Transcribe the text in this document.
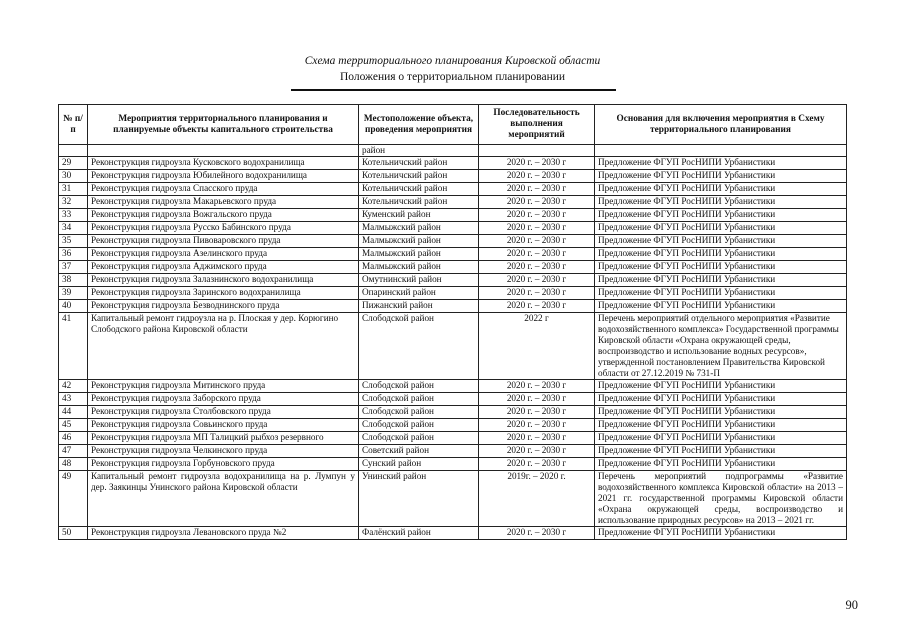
Схема территориального планирования Кировской области
Положения о территориальном планировании
№ п/п	Мероприятия территориального планирования и планируемые объекты капитального строительства	Местоположение объекта, проведения мероприятия	Последовательность выполнения мероприятий	Основания для включения мероприятия в Схему территориального планирования
		район		
29	Реконструкция гидроузла Кусковского водохранилища	Котельничский район	2020 г. – 2030 г	Предложение ФГУП РосНИПИ Урбанистики
30	Реконструкция гидроузла Юбилейного водохранилища	Котельничский район	2020 г. – 2030 г	Предложение ФГУП РосНИПИ Урбанистики
31	Реконструкция гидроузла Спасского пруда	Котельничский район	2020 г. – 2030 г	Предложение ФГУП РосНИПИ Урбанистики
32	Реконструкция гидроузла Макарьевского пруда	Котельничский район	2020 г. – 2030 г	Предложение ФГУП РосНИПИ Урбанистики
33	Реконструкция гидроузла Вожгальского пруда	Куменский район	2020 г. – 2030 г	Предложение ФГУП РосНИПИ Урбанистики
34	Реконструкция гидроузла Русско Бабинского пруда	Малмыжский район	2020 г. – 2030 г	Предложение ФГУП РосНИПИ Урбанистики
35	Реконструкция гидроузла Пивоваровского пруда	Малмыжский район	2020 г. – 2030 г	Предложение ФГУП РосНИПИ Урбанистики
36	Реконструкция гидроузла Азелинского пруда	Малмыжский район	2020 г. – 2030 г	Предложение ФГУП РосНИПИ Урбанистики
37	Реконструкция гидроузла Аджимского пруда	Малмыжский район	2020 г. – 2030 г	Предложение ФГУП РосНИПИ Урбанистики
38	Реконструкция гидроузла Залазнинского водохранилища	Омутнинский район	2020 г. – 2030 г	Предложение ФГУП РосНИПИ Урбанистики
39	Реконструкция гидроузла Заринского водохранилища	Опаринский район	2020 г. – 2030 г	Предложение ФГУП РосНИПИ Урбанистики
40	Реконструкция гидроузла Безводнинского пруда	Пижанский район	2020 г. – 2030 г	Предложение ФГУП РосНИПИ Урбанистики
41	Капитальный ремонт гидроузла на р. Плоская у дер. Корюгино Слободского района Кировской области	Слободской район	2022 г	Перечень мероприятий отдельного мероприятия «Развитие водохозяйственного комплекса» Государственной программы Кировской области «Охрана окружающей среды, воспроизводство и использование водных ресурсов», утвержденной постановлением Правительства Кировской области от 27.12.2019 № 731-П
42	Реконструкция гидроузла Митинского пруда	Слободской район	2020 г. – 2030 г	Предложение ФГУП РосНИПИ Урбанистики
43	Реконструкция гидроузла Заборского пруда	Слободской район	2020 г. – 2030 г	Предложение ФГУП РосНИПИ Урбанистики
44	Реконструкция гидроузла Столбовского пруда	Слободской район	2020 г. – 2030 г	Предложение ФГУП РосНИПИ Урбанистики
45	Реконструкция гидроузла Совьинского пруда	Слободской район	2020 г. – 2030 г	Предложение ФГУП РосНИПИ Урбанистики
46	Реконструкция гидроузла МП Талицкий рыбхоз резервного	Слободской район	2020 г. – 2030 г	Предложение ФГУП РосНИПИ Урбанистики
47	Реконструкция гидроузла Челкинского пруда	Советский район	2020 г. – 2030 г	Предложение ФГУП РосНИПИ Урбанистики
48	Реконструкция гидроузла Горбуновского пруда	Сунский район	2020 г. – 2030 г	Предложение ФГУП РосНИПИ Урбанистики
49	Капитальный ремонт гидроузла водохранилища на р. Лумпун у дер. Заякинцы Унинского района Кировской области	Унинский район	2019г. – 2020 г.	Перечень мероприятий подпрограммы «Развитие водохозяйственного комплекса Кировской области» на 2013 – 2021 гг. государственной программы Кировской области «Охрана окружающей среды, воспроизводство и использование природных ресурсов» на 2013 – 2021 гг.
50	Реконструкция гидроузла Левановского пруда №2	Фалёнский район	2020 г. – 2030 г	Предложение ФГУП РосНИПИ Урбанистики
90
